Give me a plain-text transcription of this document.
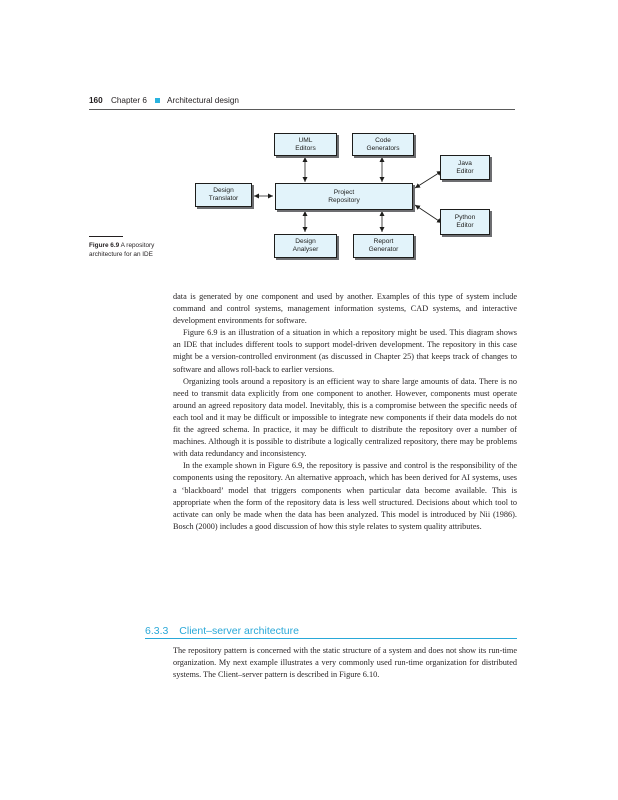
160 Chapter 6 Architectural design
UML
Editors
Code
Generators
Java
Editor
Design
Translator
Project
Repository
Python
Editor
Design
Analyser
Report
Generator
Figure 6.9 A repository architecture for an IDE

data is generated by one component and used by another. Examples of this type of system include command and control systems, management information systems, CAD systems, and interactive development environments for software.

Figure 6.9 is an illustration of a situation in which a repository might be used. This diagram shows an IDE that includes different tools to support model-driven development. The repository in this case might be a version-controlled environment (as discussed in Chapter 25) that keeps track of changes to software and allows roll-back to earlier versions.

Organizing tools around a repository is an efficient way to share large amounts of data. There is no need to transmit data explicitly from one component to another. However, components must operate around an agreed repository data model. Inevitably, this is a compromise between the specific needs of each tool and it may be difficult or impossible to integrate new components if their data models do not fit the agreed schema. In practice, it may be difficult to distribute the repository over a number of machines. Although it is possible to distribute a logically centralized repository, there may be problems with data redundancy and inconsistency.

In the example shown in Figure 6.9, the repository is passive and control is the responsibility of the components using the repository. An alternative approach, which has been derived for AI systems, uses a ‘blackboard’ model that triggers components when particular data become available. This is appropriate when the form of the repository data is less well structured. Decisions about which tool to activate can only be made when the data has been analyzed. This model is introduced by Nii (1986). Bosch (2000) includes a good discussion of how this style relates to system quality attributes.

6.3.3 Client–server architecture

The repository pattern is concerned with the static structure of a system and does not show its run-time organization. My next example illustrates a very commonly used run-time organization for distributed systems. The Client–server pattern is described in Figure 6.10.
